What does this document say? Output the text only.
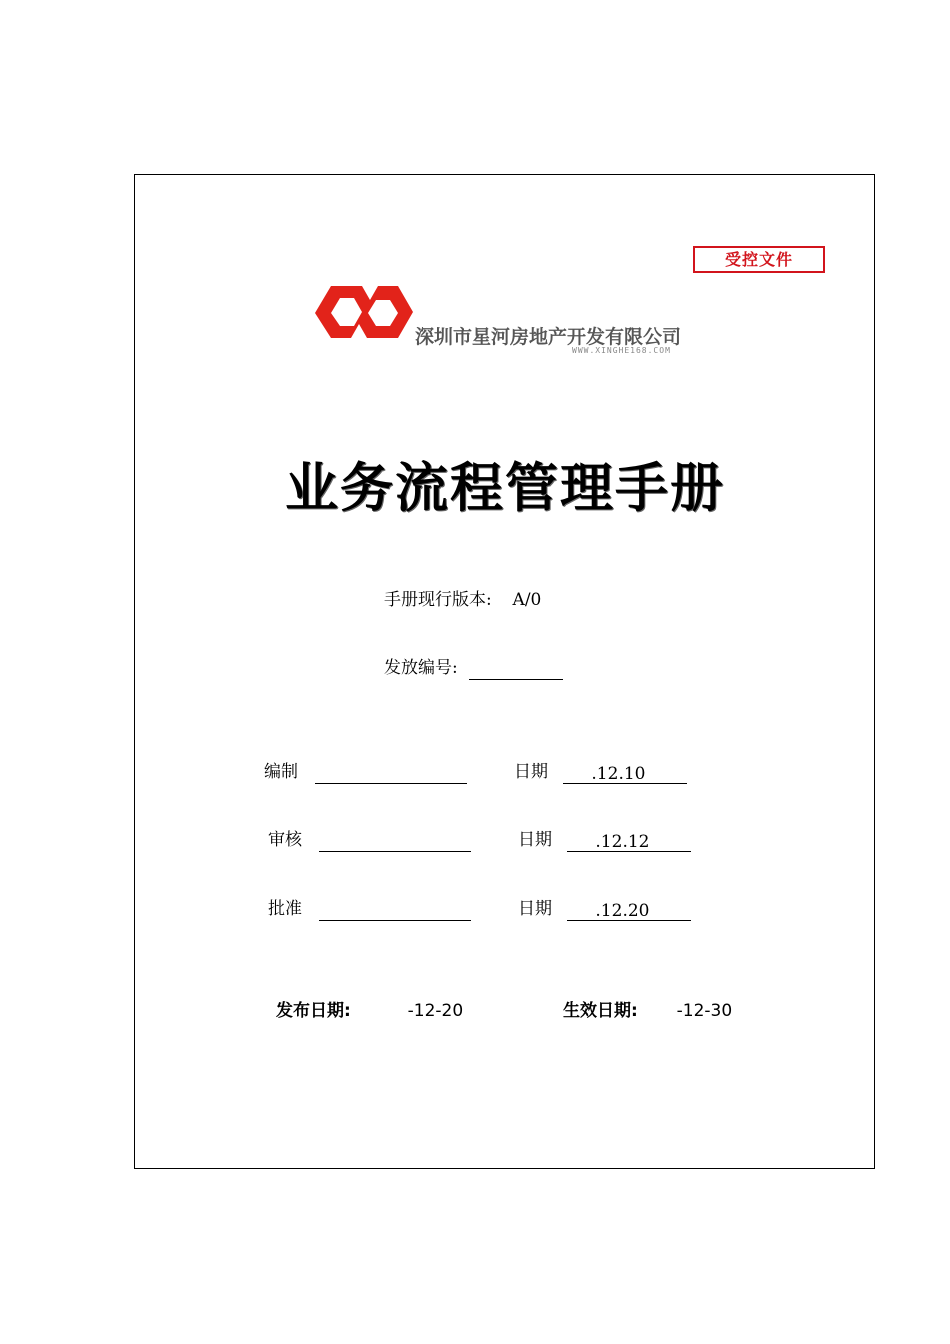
受控文件
深圳市星河房地产开发有限公司
WWW.XINGHE168.COM
业务流程管理手册
手册现行版本: A/0
发放编号:
编制	日期	.12.10
审核	日期	.12.12
批准	日期	.12.20
发布日期:	-12-20	生效日期: -12-30
